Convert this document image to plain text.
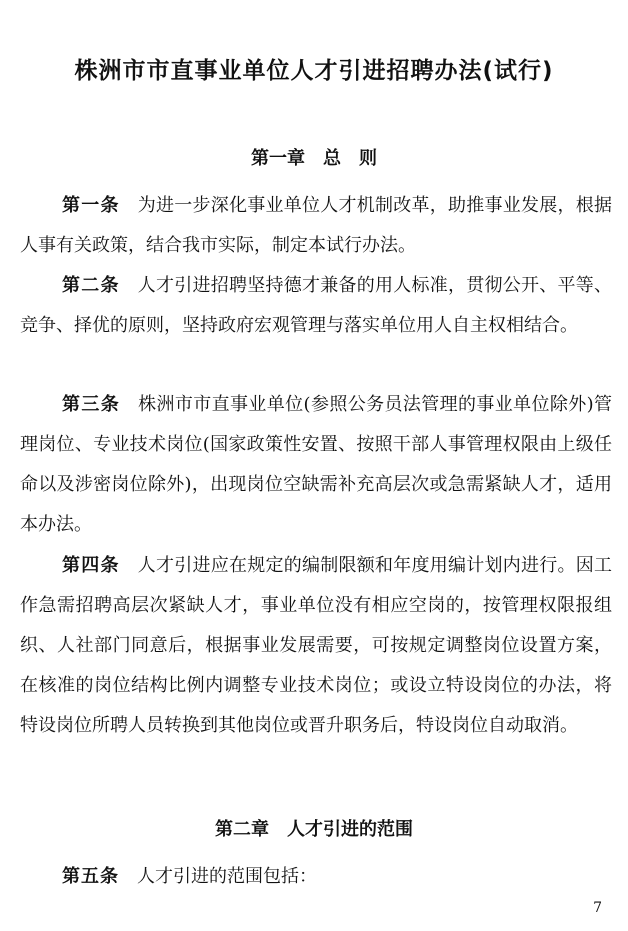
株洲市市直事业单位人才引进招聘办法(试行)
第一章　总　则
第一条 为进一步深化事业单位人才机制改革，助推事业发展，根据人事有关政策，结合我市实际，制定本试行办法。
第二条 人才引进招聘坚持德才兼备的用人标准，贯彻公开、平等、竞争、择优的原则，坚持政府宏观管理与落实单位用人自主权相结合。
第三条 株洲市市直事业单位(参照公务员法管理的事业单位除外)管理岗位、专业技术岗位(国家政策性安置、按照干部人事管理权限由上级任命以及涉密岗位除外)，出现岗位空缺需补充高层次或急需紧缺人才，适用本办法。
第四条 人才引进应在规定的编制限额和年度用编计划内进行。因工作急需招聘高层次紧缺人才，事业单位没有相应空岗的，按管理权限报组织、人社部门同意后，根据事业发展需要，可按规定调整岗位设置方案，在核准的岗位结构比例内调整专业技术岗位；或设立特设岗位的办法，将特设岗位所聘人员转换到其他岗位或晋升职务后，特设岗位自动取消。
第二章　人才引进的范围
第五条 人才引进的范围包括：
7
